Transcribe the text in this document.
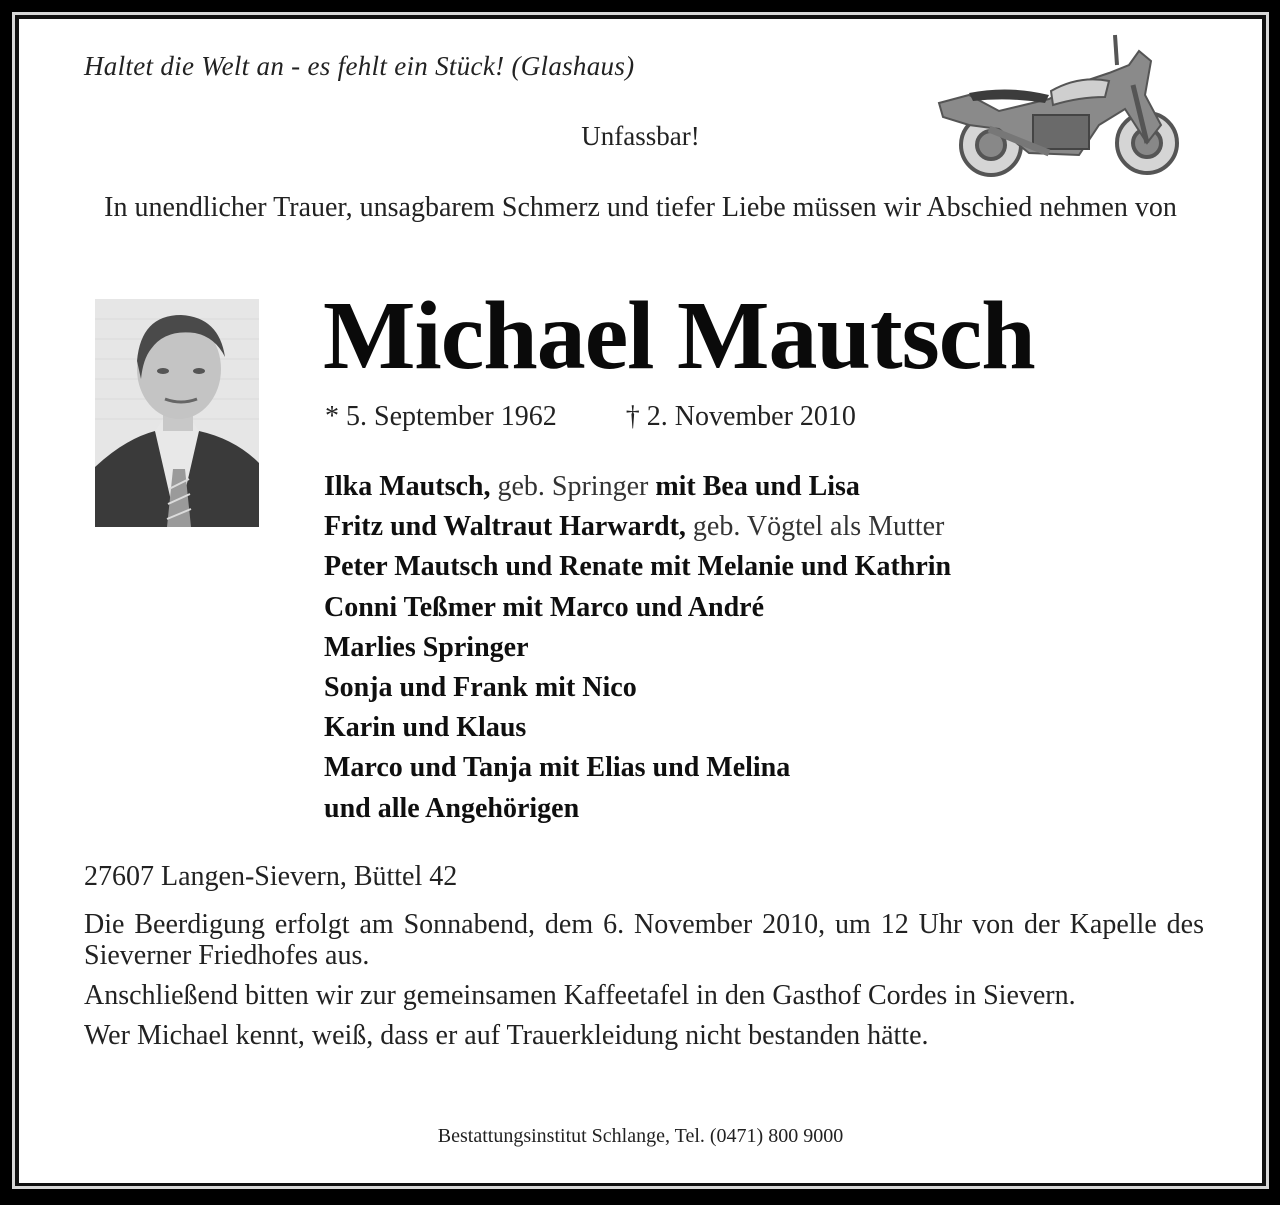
Haltet die Welt an - es fehlt ein Stück! (Glashaus)
Unfassbar!
In unendlicher Trauer, unsagbarem Schmerz und tiefer Liebe müssen wir Abschied nehmen von
Michael Mautsch
* 5. September 1962 † 2. November 2010
Ilka Mautsch, geb. Springer mit Bea und Lisa
Fritz und Waltraut Harwardt, geb. Vögtel als Mutter
Peter Mautsch und Renate mit Melanie und Kathrin
Conni Teßmer mit Marco und André
Marlies Springer
Sonja und Frank mit Nico
Karin und Klaus
Marco und Tanja mit Elias und Melina
und alle Angehörigen
27607 Langen-Sievern, Büttel 42

Die Beerdigung erfolgt am Sonnabend, dem 6. November 2010, um 12 Uhr von der Kapelle des Sieverner Friedhofes aus.

Anschließend bitten wir zur gemeinsamen Kaffeetafel in den Gasthof Cordes in Sievern.

Wer Michael kennt, weiß, dass er auf Trauerkleidung nicht bestanden hätte.

Bestattungsinstitut Schlange, Tel. (0471) 800 9000
